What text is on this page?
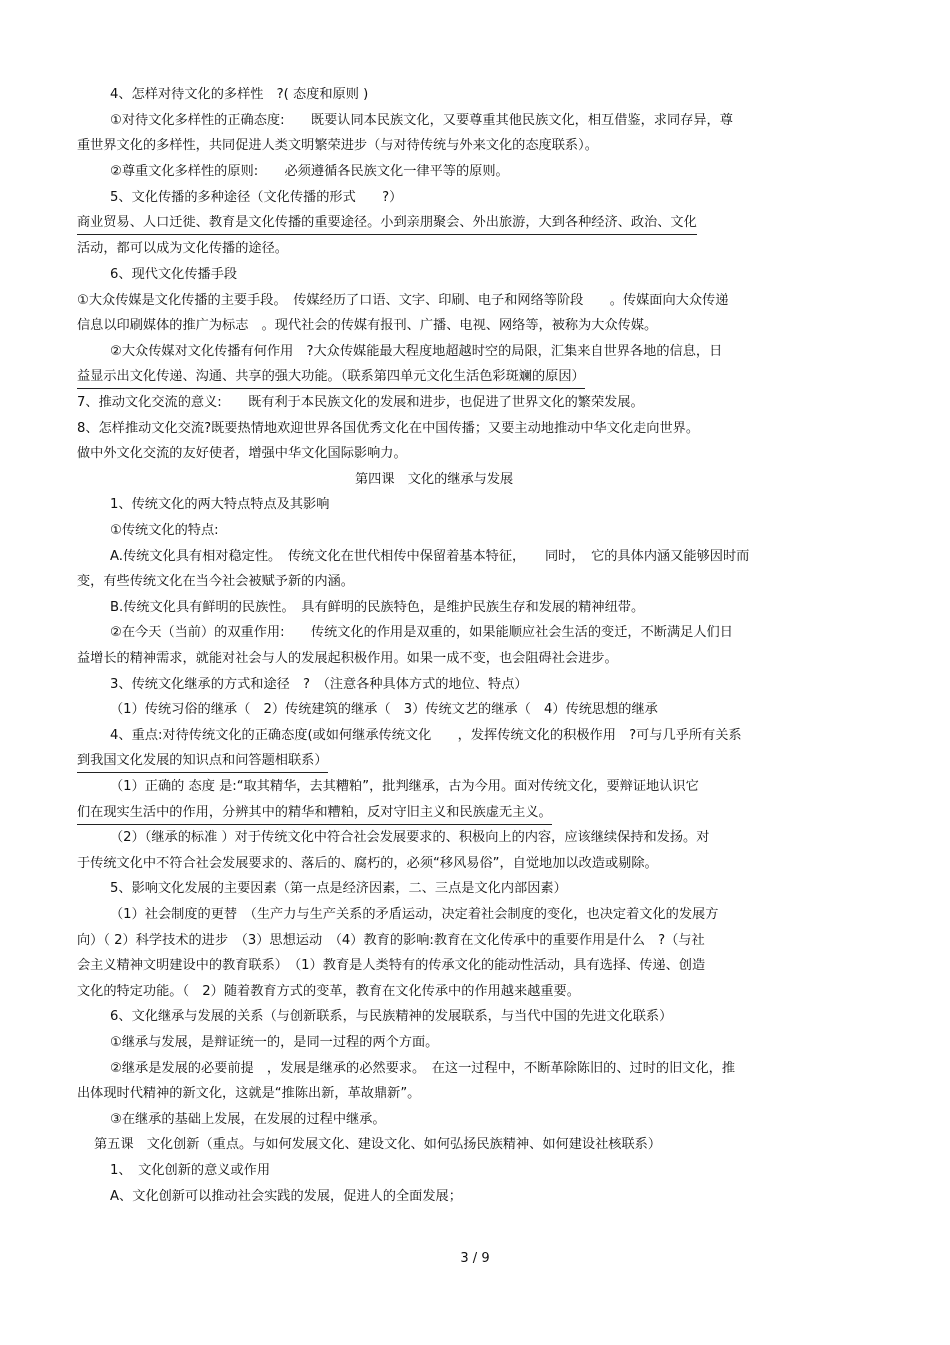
4、怎样对待文化的多样性　?( 态度和原则 )
①对待文化多样性的正确态度:　　既要认同本民族文化，又要尊重其他民族文化，相互借鉴，求同存异，尊
重世界文化的多样性，共同促进人类文明繁荣进步（与对待传统与外来文化的态度联系）。
②尊重文化多样性的原则:　　必须遵循各民族文化一律平等的原则。
5、文化传播的多种途径（文化传播的形式　　?）
商业贸易、人口迁徙、教育是文化传播的重要途径。小到亲朋聚会、外出旅游，大到各种经济、政治、文化
活动，都可以成为文化传播的途径。
6、现代文化传播手段
①大众传媒是文化传播的主要手段。　传媒经历了口语、文字、印刷、电子和网络等阶段　　。传媒面向大众传递
信息以印刷媒体的推广为标志　。现代社会的传媒有报刊、广播、电视、网络等，被称为大众传媒。
②大众传媒对文化传播有何作用　?大众传媒能最大程度地超越时空的局限，汇集来自世界各地的信息，日
益显示出文化传递、沟通、共享的强大功能。（联系第四单元文化生活色彩斑斓的原因）
7、推动文化交流的意义:　　既有利于本民族文化的发展和进步，也促进了世界文化的繁荣发展。
8、怎样推动文化交流?既要热情地欢迎世界各国优秀文化在中国传播；又要主动地推动中华文化走向世界。
做中外文化交流的友好使者，增强中华文化国际影响力。
第四课　文化的继承与发展
1、传统文化的两大特点特点及其影响
①传统文化的特点:
A.传统文化具有相对稳定性。　传统文化在世代相传中保留着基本特征，　　同时，　它的具体内涵又能够因时而
变，有些传统文化在当今社会被赋予新的内涵。
B.传统文化具有鲜明的民族性。　具有鲜明的民族特色，是维护民族生存和发展的精神纽带。
②在今天（当前）的双重作用:　　传统文化的作用是双重的，如果能顺应社会生活的变迁，不断满足人们日
益增长的精神需求，就能对社会与人的发展起积极作用。如果一成不变，也会阻碍社会进步。
3、传统文化继承的方式和途径　?　（注意各种具体方式的地位、特点）
（1）传统习俗的继承（　2）传统建筑的继承（　3）传统文艺的继承（　4）传统思想的继承
4、重点:对待传统文化的正确态度(或如何继承传统文化　　，发挥传统文化的积极作用　?可与几乎所有关系
到我国文化发展的知识点和问答题相联系）
（1）正确的 态度 是:“取其精华，去其糟粕”，批判继承，古为今用。面对传统文化，要辩证地认识它
们在现实生活中的作用，分辨其中的精华和糟粕，反对守旧主义和民族虚无主义。
（2）（继承的标准 ）对于传统文化中符合社会发展要求的、积极向上的内容，应该继续保持和发扬。对
于传统文化中不符合社会发展要求的、落后的、腐朽的，必须“移风易俗”，自觉地加以改造或剔除。
5、影响文化发展的主要因素（第一点是经济因素，二、三点是文化内部因素）
（1）社会制度的更替　（生产力与生产关系的矛盾运动，决定着社会制度的变化，也决定着文化的发展方
向）（ 2）科学技术的进步　（3）思想运动　（4）教育的影响:教育在文化传承中的重要作用是什么　?（与社
会主义精神文明建设中的教育联系）　（1）教育是人类特有的传承文化的能动性活动，具有选择、传递、创造
文化的特定功能。（　2）随着教育方式的变革，教育在文化传承中的作用越来越重要。
6、文化继承与发展的关系（与创新联系，与民族精神的发展联系，与当代中国的先进文化联系）
①继承与发展，是辩证统一的，是同一过程的两个方面。
②继承是发展的必要前提　，发展是继承的必然要求。　在这一过程中，不断革除陈旧的、过时的旧文化，推
出体现时代精神的新文化，这就是“推陈出新，革故鼎新”。
③在继承的基础上发展，在发展的过程中继承。
第五课　文化创新（重点。与如何发展文化、建设文化、如何弘扬民族精神、如何建设社核联系）
1、　文化创新的意义或作用
A、文化创新可以推动社会实践的发展，促进人的全面发展；
3 / 9
